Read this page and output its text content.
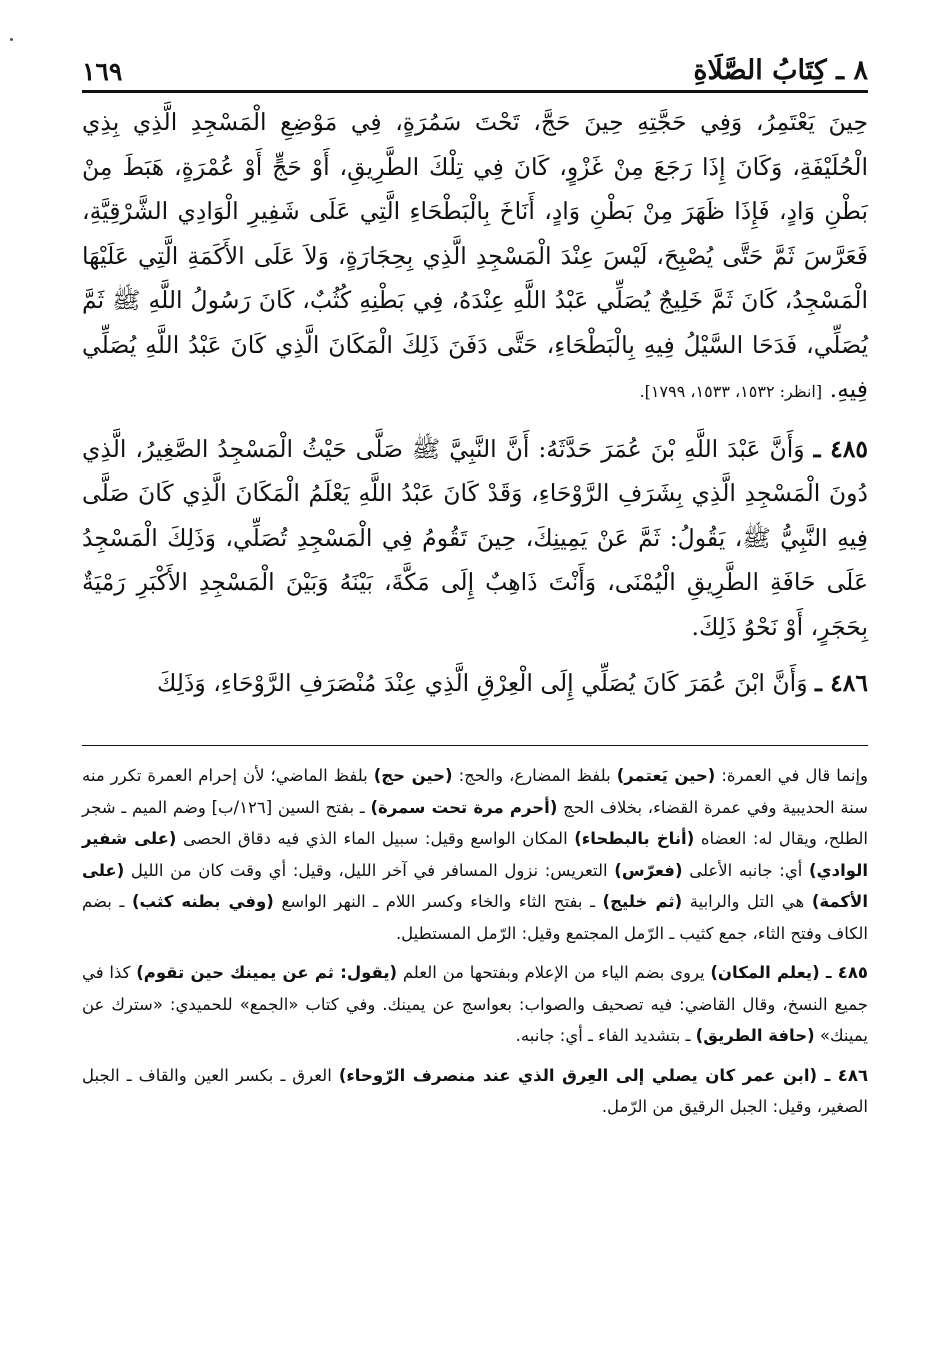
٨ ـ كِتَابُ الصَّلَاةِ
١٦٩

حِينَ يَعْتَمِرُ، وَفِي حَجَّتِهِ حِينَ حَجَّ، تَحْتَ سَمُرَةٍ، فِي مَوْضِعِ الْمَسْجِدِ الَّذِي بِذِي الْحُلَيْفَةِ، وَكَانَ إِذَا رَجَعَ مِنْ غَزْوٍ، كَانَ فِي تِلْكَ الطَّرِيقِ، أَوْ حَجٍّ أَوْ عُمْرَةٍ، هَبَطَ مِنْ بَطْنِ وَادٍ، فَإِذَا ظَهَرَ مِنْ بَطْنِ وَادٍ، أَنَاخَ بِالْبَطْحَاءِ الَّتِي عَلَى شَفِيرِ الْوَادِي الشَّرْقِيَّةِ، فَعَرَّسَ ثَمَّ حَتَّى يُصْبِحَ، لَيْسَ عِنْدَ الْمَسْجِدِ الَّذِي بِحِجَارَةٍ، وَلاَ عَلَى الأَكَمَةِ الَّتِي عَلَيْهَا الْمَسْجِدُ، كَانَ ثَمَّ خَلِيجٌ يُصَلِّي عَبْدُ اللَّهِ عِنْدَهُ، فِي بَطْنِهِ كُثُبٌ، كَانَ رَسُولُ اللَّهِ ﷺ ثَمَّ يُصَلِّي، فَدَحَا السَّيْلُ فِيهِ بِالْبَطْحَاءِ، حَتَّى دَفَنَ ذَلِكَ الْمَكَانَ الَّذِي كَانَ عَبْدُ اللَّهِ يُصَلِّي فِيهِ. [انظر: ١٥٣٢، ١٥٣٣، ١٧٩٩].

٤٨٥ ـ وَأَنَّ عَبْدَ اللَّهِ بْنَ عُمَرَ حَدَّثَهُ: أَنَّ النَّبِيَّ ﷺ صَلَّى حَيْثُ الْمَسْجِدُ الصَّغِيرُ، الَّذِي دُونَ الْمَسْجِدِ الَّذِي بِشَرَفِ الرَّوْحَاءِ، وَقَدْ كَانَ عَبْدُ اللَّهِ يَعْلَمُ الْمَكَانَ الَّذِي كَانَ صَلَّى فِيهِ النَّبِيُّ ﷺ، يَقُولُ: ثَمَّ عَنْ يَمِينِكَ، حِينَ تَقُومُ فِي الْمَسْجِدِ تُصَلِّي، وَذَلِكَ الْمَسْجِدُ عَلَى حَافَةِ الطَّرِيقِ الْيُمْنَى، وَأَنْتَ ذَاهِبٌ إِلَى مَكَّةَ، بَيْنَهُ وَبَيْنَ الْمَسْجِدِ الأَكْبَرِ رَمْيَةٌ بِحَجَرٍ، أَوْ نَحْوُ ذَلِكَ.

٤٨٦ ـ وَأَنَّ ابْنَ عُمَرَ كَانَ يُصَلِّي إِلَى الْعِرْقِ الَّذِي عِنْدَ مُنْصَرَفِ الرَّوْحَاءِ، وَذَلِكَ

وإنما قال في العمرة: (حين يَعتمر) بلفظ المضارع، والحج: (حين حج) بلفظ الماضي؛ لأن إحرام العمرة تكرر منه سنة الحديبية وفي عمرة القضاء، بخلاف الحج (أحرم مرة تحت سمرة) ـ بفتح السين [١٢٦/ب] وضم الميم ـ شجر الطلح، ويقال له: العضاه (أناخ بالبطحاء) المكان الواسع وقيل: سبيل الماء الذي فيه دقاق الحصى (على شفير الوادي) أي: جانبه الأعلى (فعرّس) التعريس: نزول المسافر في آخر الليل، وقيل: أي وقت كان من الليل (على الأكمة) هي التل والرابية (ثم خليج) ـ بفتح الثاء والخاء وكسر اللام ـ النهر الواسع (وفي بطنه كثب) ـ بضم الكاف وفتح الثاء، جمع كثيب ـ الرّمل المجتمع وقيل: الرّمل المستطيل.

٤٨٥ ـ (يعلم المكان) يروى بضم الياء من الإعلام وبفتحها من العلم (يقول: ثم عن يمينك حين تقوم) كذا في جميع النسخ، وقال القاضي: فيه تصحيف والصواب: بعواسج عن يمينك. وفي كتاب «الجمع» للحميدي: «سترك عن يمينك» (حافة الطريق) ـ بتشديد الفاء ـ أي: جانبه.

٤٨٦ ـ (ابن عمر كان يصلي إلى العِرق الذي عند منصرف الرّوحاء) العرق ـ بكسر العين والقاف ـ الجبل الصغير، وقيل: الجبل الرقيق من الرّمل.
